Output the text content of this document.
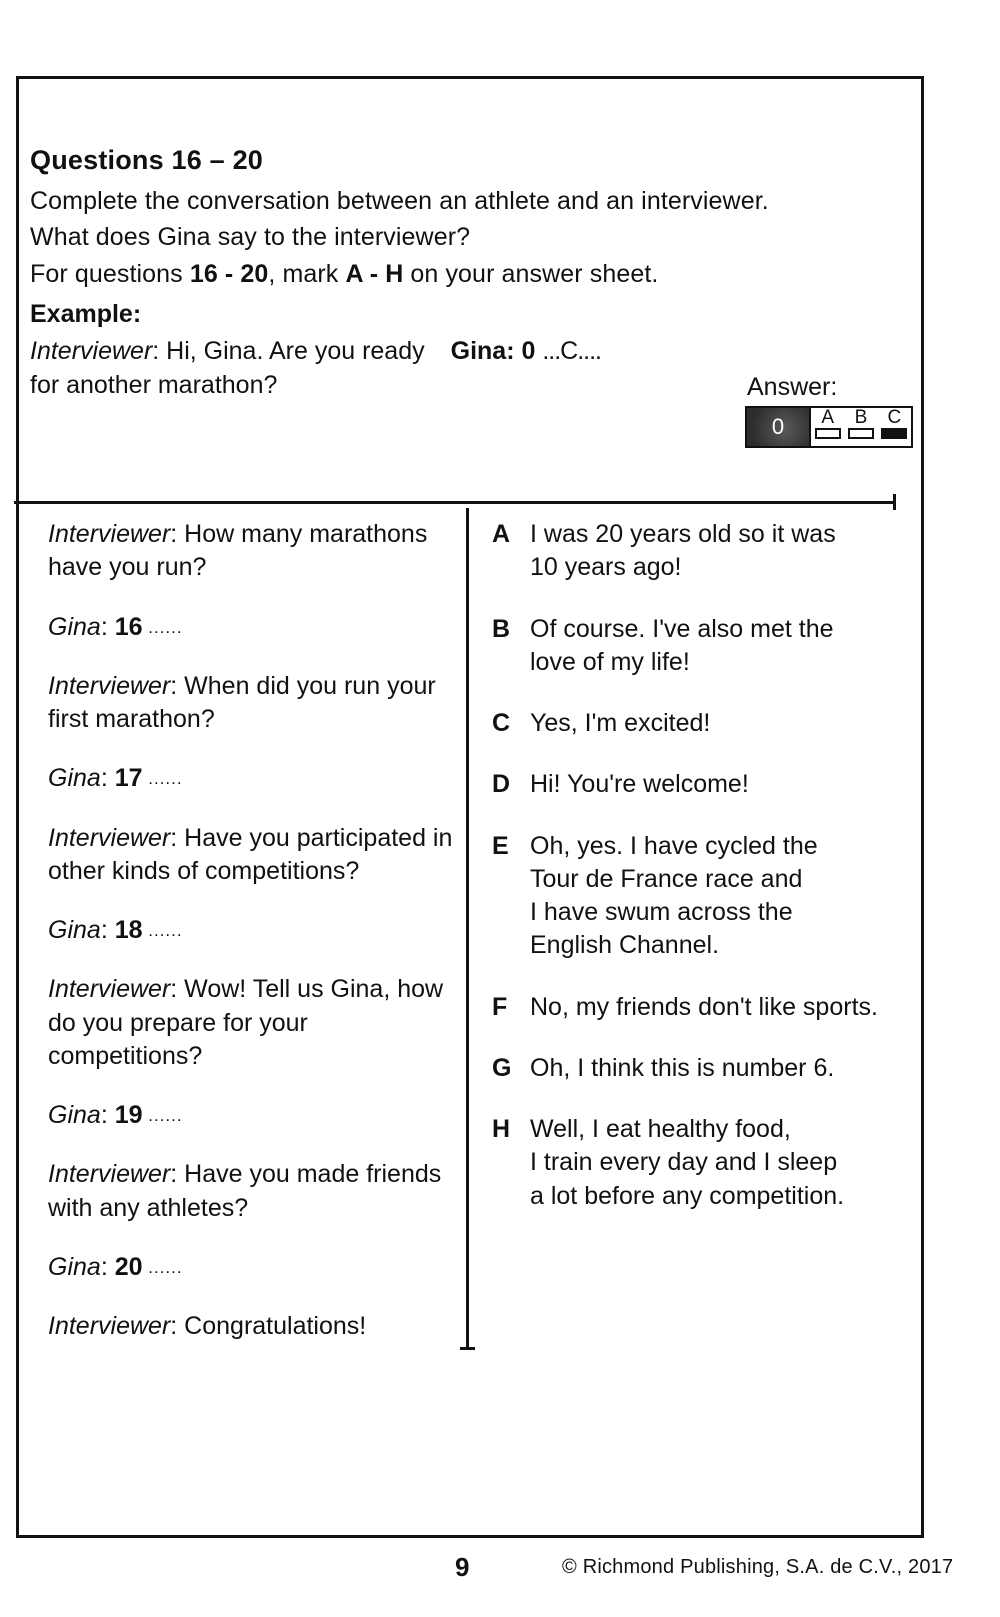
Questions 16 – 20
Complete the conversation between an athlete and an interviewer.
What does Gina say to the interviewer?
For questions 16 - 20, mark A - H on your answer sheet.
Example:
Interviewer: Hi, Gina. Are you ready Gina: 0 ...C....
for another marathon?	Answer:
0	A B C
Interviewer: How many marathons have you run?
Gina: 16 ......
Interviewer: When did you run your first marathon?
Gina: 17 ......
Interviewer: Have you participated in other kinds of competitions?
Gina: 18 ......
Interviewer: Wow! Tell us Gina, how do you prepare for your competitions?
Gina: 19 ......
Interviewer: Have you made friends with any athletes?
Gina: 20 ......
Interviewer: Congratulations!
A I was 20 years old so it was
10 years ago!
B Of course. I've also met the
love of my life!
C Yes, I'm excited!
D Hi! You're welcome!
E Oh, yes. I have cycled the
Tour de France race and
I have swum across the
English Channel.
F No, my friends don't like sports.
G Oh, I think this is number 6.
H Well, I eat healthy food,
I train every day and I sleep
a lot before any competition.
9	© Richmond Publishing, S.A. de C.V., 2017
